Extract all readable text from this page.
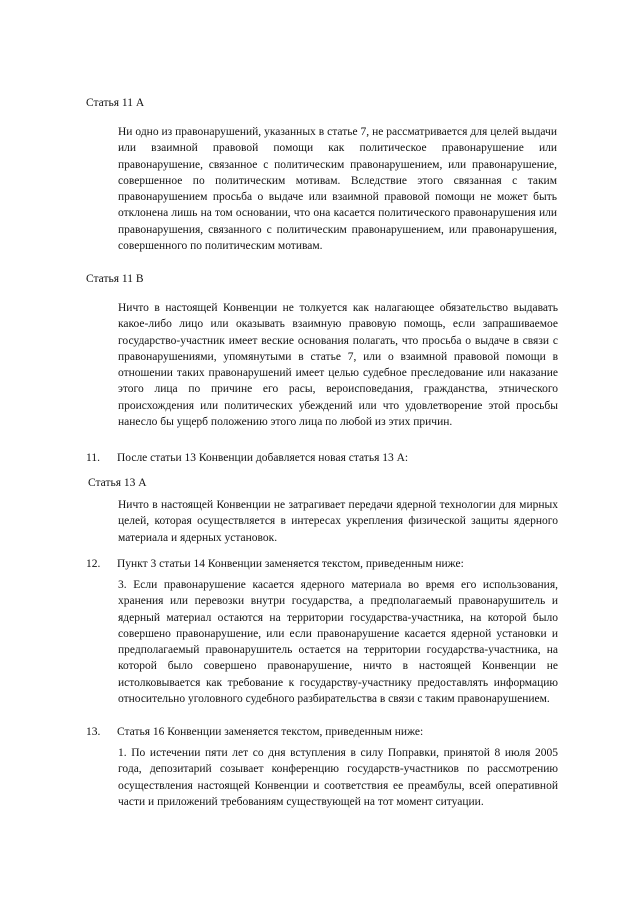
Статья 11 А
Ни одно из правонарушений, указанных в статье 7, не рассматривается для целей выдачи или взаимной правовой помощи как политическое правонарушение или правонарушение, связанное с политическим правонарушением, или правонарушение, совершенное по политическим мотивам. Вследствие этого связанная с таким правонарушением просьба о выдаче или взаимной правовой помощи не может быть отклонена лишь на том основании, что она касается политического правонарушения или правонарушения, связанного с политическим правонарушением, или правонарушения, совершенного по политическим мотивам.
Статья 11 В
Ничто в настоящей Конвенции не толкуется как налагающее обязательство выдавать какое-либо лицо или оказывать взаимную правовую помощь, если запрашиваемое государство-участник имеет веские основания полагать, что просьба о выдаче в связи с правонарушениями, упомянутыми в статье 7, или о взаимной правовой помощи в отношении таких правонарушений имеет целью судебное преследование или наказание этого лица по причине его расы, вероисповедания, гражданства, этнического происхождения или политических убеждений или что удовлетворение этой просьбы нанесло бы ущерб положению этого лица по любой из этих причин.
11. После статьи 13 Конвенции добавляется новая статья 13 А:
Статья 13 А
Ничто в настоящей Конвенции не затрагивает передачи ядерной технологии для мирных целей, которая осуществляется в интересах укрепления физической защиты ядерного материала и ядерных установок.
12. Пункт 3 статьи 14 Конвенции заменяется текстом, приведенным ниже:
3. Если правонарушение касается ядерного материала во время его использования, хранения или перевозки внутри государства, а предполагаемый правонарушитель и ядерный материал остаются на территории государства-участника, на которой было совершено правонарушение, или если правонарушение касается ядерной установки и предполагаемый правонарушитель остается на территории государства-участника, на которой было совершено правонарушение, ничто в настоящей Конвенции не истолковывается как требование к государству-участнику предоставлять информацию относительно уголовного судебного разбирательства в связи с таким правонарушением.
13. Статья 16 Конвенции заменяется текстом, приведенным ниже:
1. По истечении пяти лет со дня вступления в силу Поправки, принятой 8 июля 2005 года, депозитарий созывает конференцию государств-участников по рассмотрению осуществления настоящей Конвенции и соответствия ее преамбулы, всей оперативной части и приложений требованиям существующей на тот момент ситуации.
